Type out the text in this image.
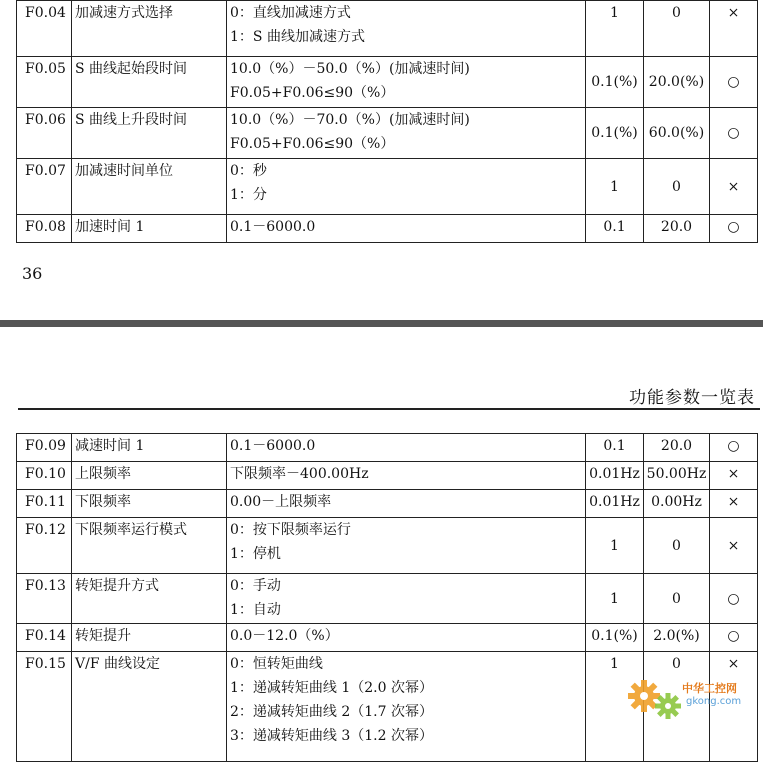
F0.04	加减速方式选择	0：直线加减速方式
1：S 曲线加减速方式	1	0	×
F0.05	S 曲线起始段时间	10.0（%）－50.0（%）(加减速时间)
F0.05+F0.06≤90（%）	0.1(%)	20.0(%)	○
F0.06	S 曲线上升段时间	10.0（%）－70.0（%）(加减速时间)
F0.05+F0.06≤90（%）	0.1(%)	60.0(%)	○
F0.07	加减速时间单位	0：秒
1：分	1	0	×
F0.08	加速时间 1	0.1－6000.0	0.1	20.0	○
36
功能参数一览表
F0.09	减速时间 1	0.1－6000.0	0.1	20.0	○
F0.10	上限频率	下限频率－400.00Hz	0.01Hz	50.00Hz	×
F0.11	下限频率	0.00－上限频率	0.01Hz	0.00Hz	×
F0.12	下限频率运行模式	0：按下限频率运行
1：停机	1	0	×
F0.13	转矩提升方式	0：手动
1：自动	1	0	○
F0.14	转矩提升	0.0－12.0（%）	0.1(%)	2.0(%)	○
F0.15	V/F 曲线设定	0：恒转矩曲线
1：递减转矩曲线 1（2.0 次幂）
2：递减转矩曲线 2（1.7 次幂）
3：递减转矩曲线 3（1.2 次幂）	1	0	×
中华工控网
gkong.com
